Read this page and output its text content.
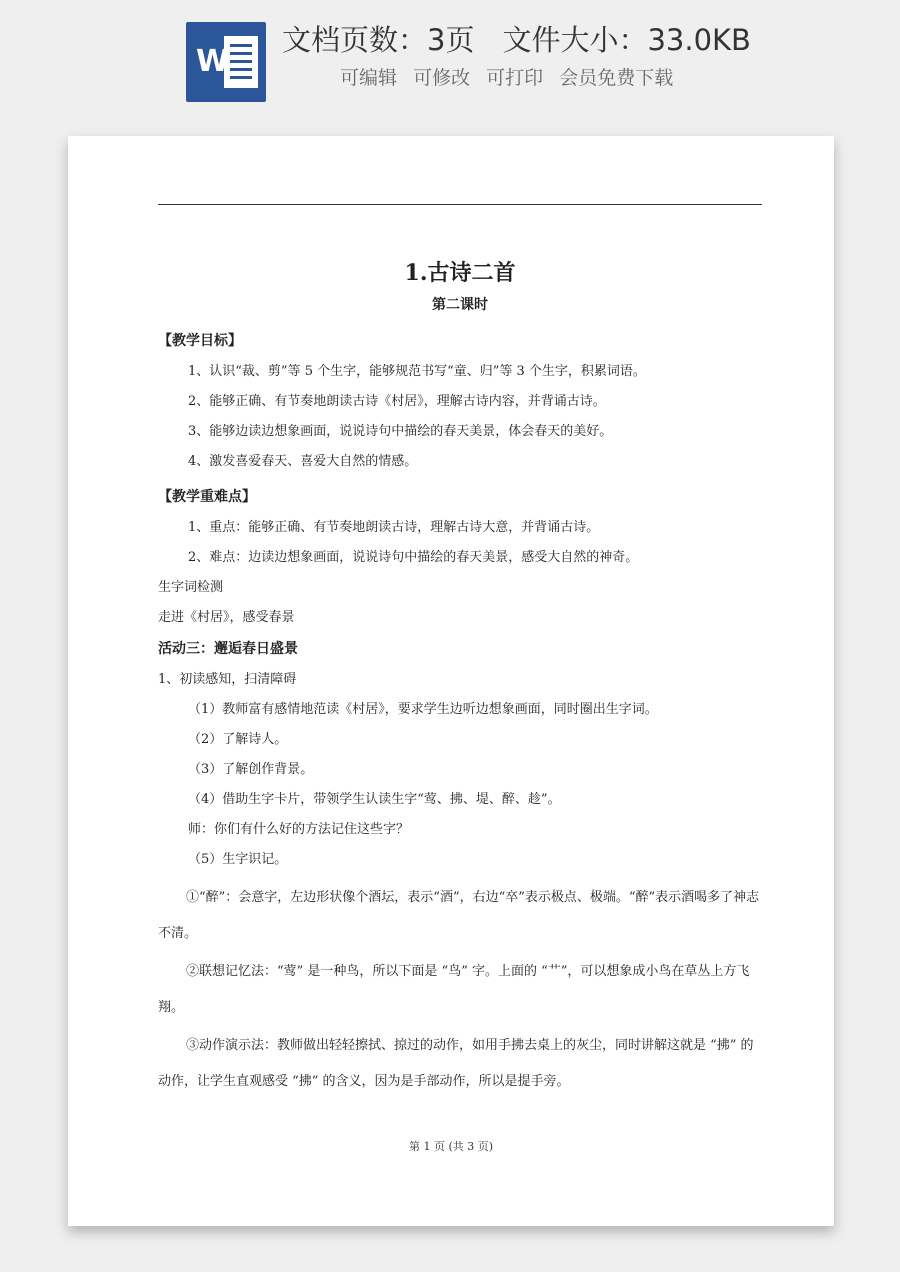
W
文档页数：3页 文件大小：33.0KB
可编辑 可修改 可打印 会员免费下载

1.古诗二首

第二课时

【教学目标】

1、认识“裁、剪”等 5 个生字，能够规范书写“童、归”等 3 个生字，积累词语。

2、能够正确、有节奏地朗读古诗《村居》，理解古诗内容，并背诵古诗。

3、能够边读边想象画面，说说诗句中描绘的春天美景，体会春天的美好。

4、激发喜爱春天、喜爱大自然的情感。

【教学重难点】

1、重点：能够正确、有节奏地朗读古诗，理解古诗大意，并背诵古诗。

2、难点：边读边想象画面，说说诗句中描绘的春天美景，感受大自然的神奇。

生字词检测

走进《村居》，感受春景

活动三：邂逅春日盛景

1、初读感知，扫清障碍

（1）教师富有感情地范读《村居》，要求学生边听边想象画面，同时圈出生字词。

（2）了解诗人。

（3）了解创作背景。

（4）借助生字卡片，带领学生认读生字“莺、拂、堤、醉、趁”。

师：你们有什么好的方法记住这些字？

（5）生字识记。

①“醉”：会意字，左边形状像个酒坛，表示“酒”，右边“卒”表示极点、极端。“醉”表示酒喝多了神志不清。

②联想记忆法：“莺” 是一种鸟，所以下面是 “鸟” 字。上面的 “艹”，可以想象成小鸟在草丛上方飞翔。

③动作演示法：教师做出轻轻擦拭、掠过的动作，如用手拂去桌上的灰尘，同时讲解这就是 “拂” 的动作，让学生直观感受 “拂” 的含义，因为是手部动作，所以是提手旁。

第 1 页 (共 3 页)
